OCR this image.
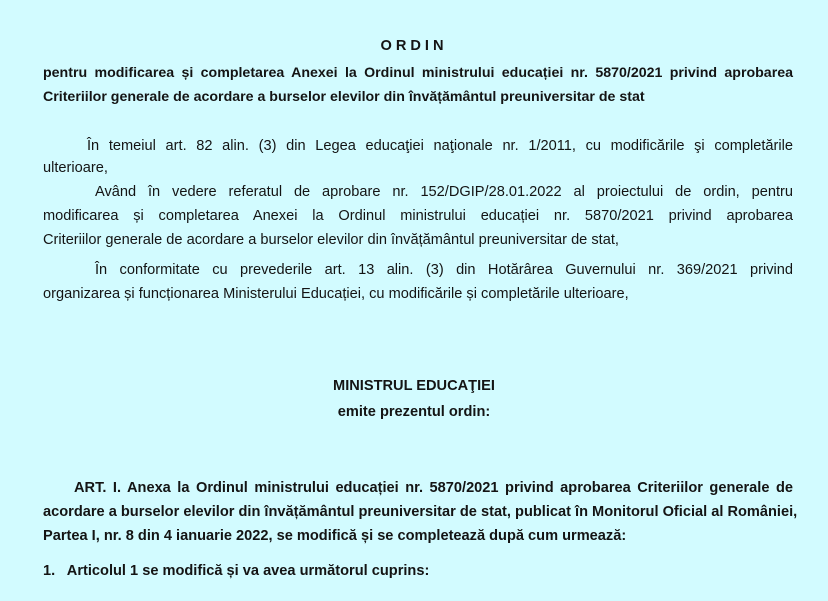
ORDIN
pentru modificarea și completarea Anexei la Ordinul ministrului educației nr. 5870/2021 privind aprobarea
Criteriilor generale de acordare a burselor elevilor din învățământul preuniversitar de stat
În temeiul art. 82 alin. (3) din Legea educaţiei naţionale nr. 1/2011, cu modificările şi completările
ulterioare,
Având în vedere referatul de aprobare nr. 152/DGIP/28.01.2022 al proiectului de ordin, pentru
modificarea și completarea Anexei la Ordinul ministrului educației nr. 5870/2021 privind aprobarea
Criteriilor generale de acordare a burselor elevilor din învățământul preuniversitar de stat,
În conformitate cu prevederile art. 13 alin. (3) din Hotărârea Guvernului nr. 369/2021 privind
organizarea și funcționarea Ministerului Educației, cu modificările și completările ulterioare,
MINISTRUL EDUCAŢIEI
emite prezentul ordin:
ART. I. Anexa la Ordinul ministrului educației nr. 5870/2021 privind aprobarea Criteriilor generale de
acordare a burselor elevilor din învățământul preuniversitar de stat, publicat în Monitorul Oficial al României,
Partea I, nr. 8 din 4 ianuarie 2022, se modifică și se completează după cum urmează:
1.   Articolul 1 se modifică și va avea următorul cuprins:
